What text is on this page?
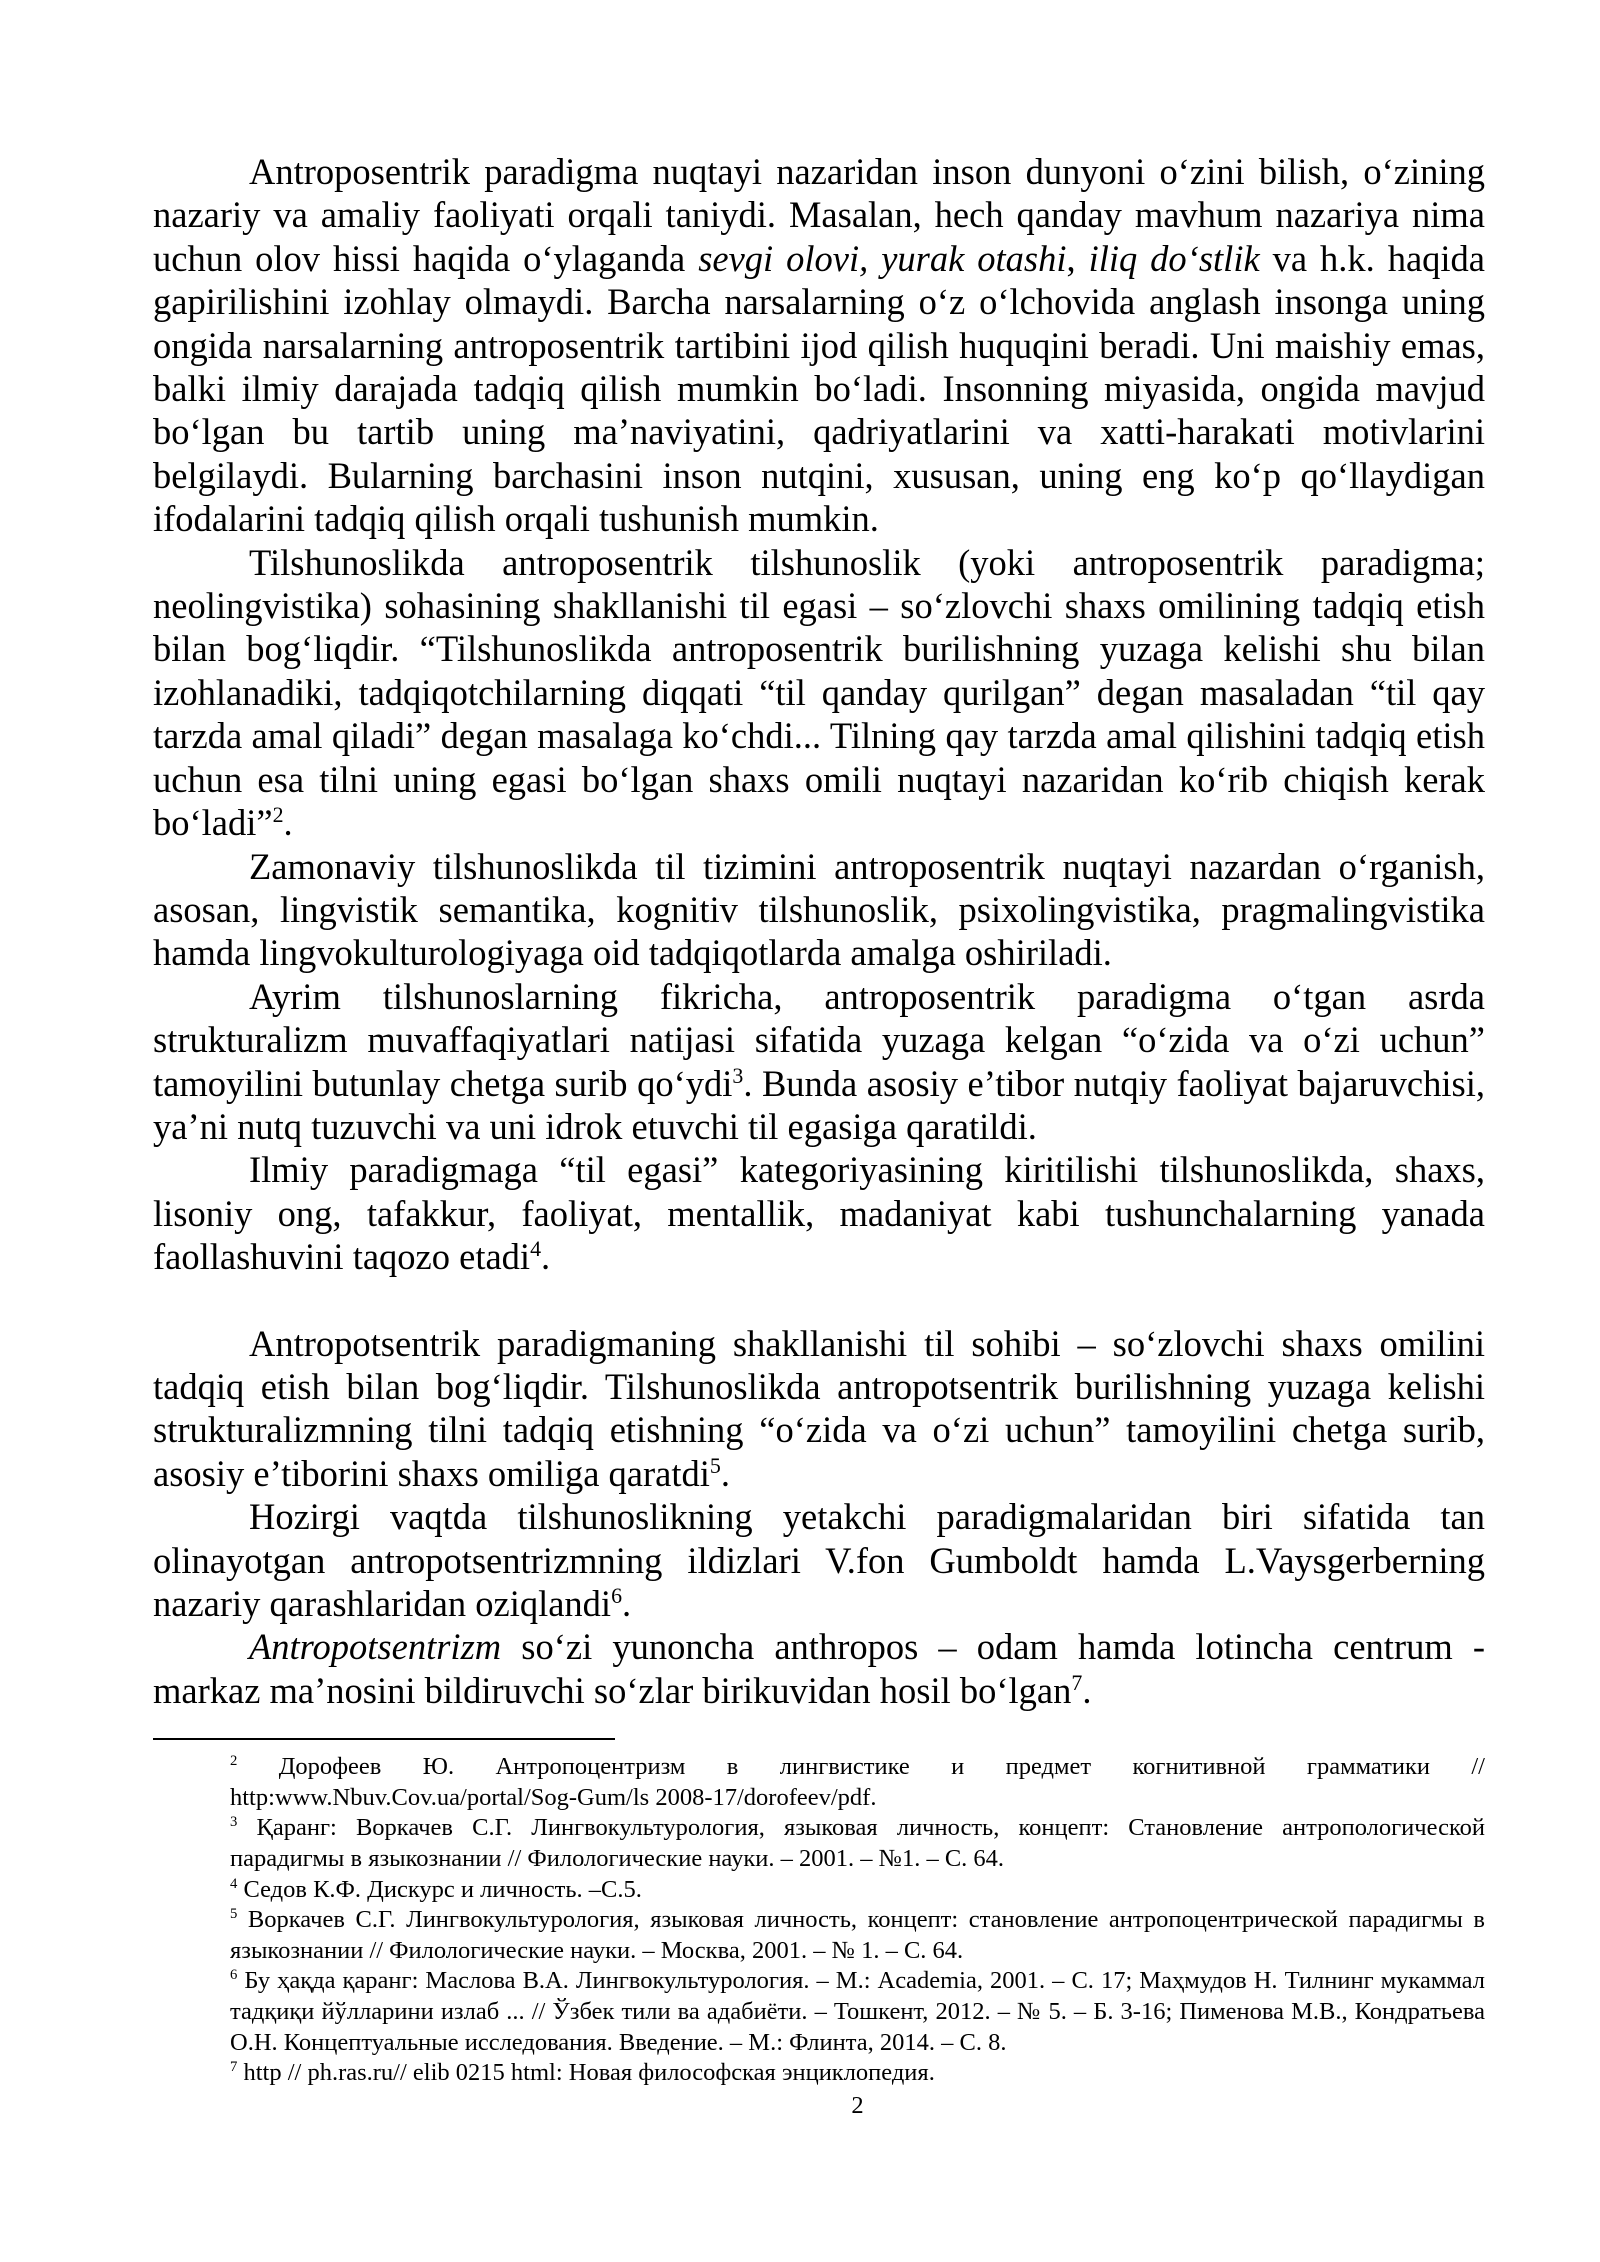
Antroposentrik paradigma nuqtayi nazaridan inson dunyoni o‘zini bilish, o‘zining nazariy va amaliy faoliyati orqali taniydi. Masalan, hech qanday mavhum nazariya nima uchun olov hissi haqida o‘ylaganda sevgi olovi, yurak otashi, iliq do‘stlik va h.k. haqida gapirilishini izohlay olmaydi. Barcha narsalarning o‘z o‘lchovida anglash insonga uning ongida narsalarning antroposentrik tartibini ijod qilish huquqini beradi. Uni maishiy emas, balki ilmiy darajada tadqiq qilish mumkin bo‘ladi. Insonning miyasida, ongida mavjud bo‘lgan bu tartib uning ma’naviyatini, qadriyatlarini va xatti-harakati motivlarini belgilaydi. Bularning barchasini inson nutqini, xususan, uning eng ko‘p qo‘llaydigan ifodalarini tadqiq qilish orqali tushunish mumkin.

Tilshunoslikda antroposentrik tilshunoslik (yoki antroposentrik paradigma; neolingvistika) sohasining shakllanishi til egasi – so‘zlovchi shaxs omilining tadqiq etish bilan bog‘liqdir. “Tilshunoslikda antroposentrik burilishning yuzaga kelishi shu bilan izohlanadiki, tadqiqotchilarning diqqati “til qanday qurilgan” degan masaladan “til qay tarzda amal qiladi” degan masalaga ko‘chdi... Tilning qay tarzda amal qilishini tadqiq etish uchun esa tilni uning egasi bo‘lgan shaxs omili nuqtayi nazaridan ko‘rib chiqish kerak bo‘ladi”$^2$.

Zamonaviy tilshunoslikda til tizimini antroposentrik nuqtayi nazardan o‘rganish, asosan, lingvistik semantika, kognitiv tilshunoslik, psixolingvistika, pragmalingvistika hamda lingvokulturologiyaga oid tadqiqotlarda amalga oshiriladi.

Ayrim tilshunoslarning fikricha, antroposentrik paradigma o‘tgan asrda strukturalizm muvaffaqiyatlari natijasi sifatida yuzaga kelgan “o‘zida va o‘zi uchun” tamoyilini butunlay chetga surib qo‘ydi$^3$. Bunda asosiy e’tibor nutqiy faoliyat bajaruvchisi, ya’ni nutq tuzuvchi va uni idrok etuvchi til egasiga qaratildi.

Ilmiy paradigmaga “til egasi” kategoriyasining kiritilishi tilshunoslikda, shaxs, lisoniy ong, tafakkur, faoliyat, mentallik, madaniyat kabi tushunchalarning yanada faollashuvini taqozo etadi$^4$.

Antropotsentrik paradigmaning shakllanishi til sohibi – so‘zlovchi shaxs omilini tadqiq etish bilan bog‘liqdir. Tilshunoslikda antropotsentrik burilishning yuzaga kelishi strukturalizmning tilni tadqiq etishning “o‘zida va o‘zi uchun” tamoyilini chetga surib, asosiy e’tiborini shaxs omiliga qaratdi$^5$.

Hozirgi vaqtda tilshunoslikning yetakchi paradigmalaridan biri sifatida tan olinayotgan antropotsentrizmning ildizlari V.fon Gumboldt hamda L.Vaysgerberning nazariy qarashlaridan oziqlandi$^6$.

Antropotsentrizm so‘zi yunoncha anthropos – odam hamda lotincha centrum - markaz ma’nosini bildiruvchi so‘zlar birikuvidan hosil bo‘lgan$^7$.

$^2$ Дорофеев Ю. Антропоцентризм в лингвистике и предмет когнитивной грамматики // http:www.Nbuv.Cov.ua/portal/Sog-Gum/ls 2008-17/dorofeev/pdf.

$^3$ Қаранг: Воркачев С.Г. Лингвокультурология, языковая личность, концепт: Становление антропологической парадигмы в языкознании // Филологические науки. – 2001. – №1. – С. 64.

$^4$ Седов К.Ф. Дискурс и личность. –С.5.

$^5$ Воркачев С.Г. Лингвокультурология, языковая личность, концепт: становление антропоцентрической парадигмы в языкознании // Филологические науки. – Москва, 2001. – № 1. – С. 64.

$^6$ Бу ҳақда қаранг: Маслова В.А. Лингвокультурология. – М.: Academia, 2001. – С. 17; Маҳмудов Н. Тилнинг мукаммал тадқиқи йўлларини излаб ... // Ўзбек тили ва адабиёти. – Тошкент, 2012. – № 5. – Б. 3-16; Пименова М.В., Кондратьева О.Н. Концептуальные исследования. Введение. – М.: Флинта, 2014. – С. 8.

$^7$ http // ph.ras.ru// elib 0215 html: Новая философская энциклопедия.

2
